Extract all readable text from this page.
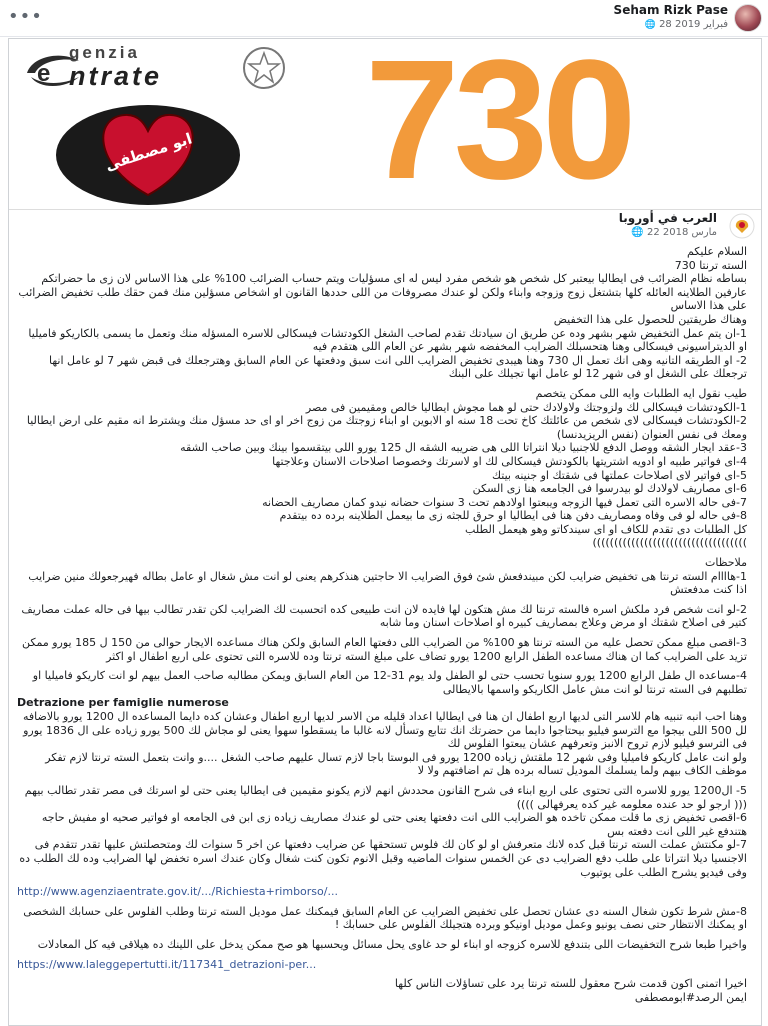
•••	Seham Rizk Pase
🌐 28 فبراير 2019
e
genzia
ntrate
ابو مصطفى 730
العرب في أوروبا
🌐 22 مارس 2018

السلام عليكم

السته ترنتا 730

بساطه نظام الضرائب فى ايطاليا بيعتبر كل شخص هو شخص مفرد ليس له اى مسؤليات ويتم حساب الضرائب 100% على هذا الاساس لان زى ما حضراتكم عارفين الطلاينه العائله كلها بتشتغل زوج وزوجه وابناء ولكن لو عندك مصروفات من اللى حددها القانون او اشخاص مسؤلين منك فمن حقك طلب تخفيض الضرائب على هذا الاساس

وهناك طريقتين للحصول على هذا التخفيض

1-ان يتم عمل التخفيض شهر بشهر وده عن طريق ان سيادتك تقدم لصاحب الشغل الكودتشات فيسكالى للاسره المسؤله منك وتعمل ما يسمى بالكاريكو فاميليا او الديتراسيونى فيسكالى وهنا هتحسبلك الضرايب المخفضه شهر بشهر عن العام اللى هتقدم فيه

2- او الطريقه التانيه وهى انك تعمل ال 730 وهنا هيبدى تخفيض الضرايب اللى انت سبق ودفعتها عن العام السابق وهترجعلك فى قبض شهر 7 لو عامل انها ترجعلك على الشغل او فى شهر 12 لو عامل انها تجيلك على البنك

طيب نقول ايه الطلبات وايه اللى ممكن يتخصم

1-الكودتشات فيسكالى لك ولزوجتك ولاولادك حتى لو هما مجوش ايطاليا خالص ومقيمين فى مصر

2-الكودتشات فيسكالى لاى شخص من عائلتك كاخ تحت 18 سنه او الابوين او ابناء زوجتك من زوج اخر او اى حد مسؤل منك ويشترط انه مقيم على ارض ايطاليا ومعك فى نفس العنوان (نفس الريزيدنسا)

3-عقد ايجار الشقه ووصل الدفع للاجنبيا ديلا انتراتا اللى هى ضريبه الشقه ال 125 يورو اللى بيتقسموا بينك وبين صاحب الشقه

4-اى فواتير طبيه او ادويه اشتريتها بالكودتش فيسكالى لك او لاسرتك وخصوصا اصلاحات الاسنان وعلاجتها

5-اى فواتير لاى اصلاحات عملتها فى شقتك او جنينه بيتك

6-اى مصاريف لاولادك لو بيدرسوا فى الجامعه هنا زى السكن

7-فى حاله الاسره التى تعمل فيها الزوجه ويبعتوا اولادهم تحت 3 سنوات حضانه نيدو كمان مصاريف الحضانه

8-فى حاله لو فى وفاه ومصاريف دفن هنا فى ايطاليا او حرق للجثه زى ما بيعمل الطلاينه برده ده بيتقدم

كل الطلبات دى تقدم للكاف او اى سيندكاتو وهو هيعمل الطلب

))))))))))))))))))))))))))))))))))))

ملاحظات

1-هاااام السته ترنتا هى تخفيض ضرايب لكن مبيندفعش شئ فوق الضرايب الا حاجتين هنذكرهم يعنى لو انت مش شغال او عامل بطاله فهيرجعولك منين ضرايب اذا كنت مدفعتش

2-لو انت شخص فرد ملكش اسره فالسته ترنتا لك مش هتكون لها فايده لان انت طبيعى كده اتحسبت لك الضرايب لكن تقدر تطالب بيها فى حاله عملت مصاريف كتير فى اصلاح شقتك او مرض وعلاج بمصاريف كبيره او اصلاحات اسنان وما شابه

3-اقصى مبلغ ممكن تحصل عليه من السته ترنتا هو 100% من الضرايب اللى دفعتها العام السابق ولكن هناك مساعده الايجار حوالى من 150 ل 185 يورو ممكن تزيد على الضرايب كما ان هناك مساعده الطفل الرابع 1200 يورو تضاف على مبلغ السته ترنتا وده للاسره التى تحتوى على اربع اطفال او اكثر

4-مساعده ال طفل الرابع 1200 يورو سنويا تحسب حتى لو الطفل ولد يوم 31-12 من العام السابق ويمكن مطالبه صاحب العمل بيهم لو انت كاريكو فاميليا او تطلبهم فى السته ترنتا لو انت مش عامل الكاريكو واسمها بالايطالى

Detrazione per famiglie numerose

وهنا احب انبه تنبيه هام للاسر التى لديها اربع اطفال ان هنا فى ايطاليا اعداد قليله من الاسر لديها اربع اطفال وعشان كده دايما المساعده ال 1200 يورو بالاضافه لل 500 اللى بيجوا مع الترسو فيليو بيحتاجوا دايما من حضرتك انك تتابع وتسأل لانه غالبا ما يسقطوا سهوا يعنى لو مجاش لك 500 يورو زياده على ال 1836 يورو فى الترسو فيليو لازم تروح الانبز وتعرفهم عشان يبعتوا الفلوس لك

ولو انت عامل كاريكو فاميليا وفى شهر 12 ملقتش زياده 1200 يورو فى البوستا باجا لازم تسال عليهم صاحب الشغل ....و وانت بتعمل السته ترنتا لازم تفكر موظف الكاف بيهم ولما يسلمك الموديل تساله برده هل تم اضافتهم ولا لا

5- ال1200 يورو للاسره التى تحتوى على اربع ابناء فى شرح القانون محددش انهم لازم يكونو مقيمين فى ايطاليا يعنى حتى لو اسرتك فى مصر تقدر تطالب بيهم ((( ارجو لو حد عنده معلومه غير كده يعرفهالى ))))

6-اقصى تخفيض زى ما قلت ممكن تاخده هو الضرايب اللى انت دفعتها يعنى حتى لو عندك مصاريف زياده زى ابن فى الجامعه او فواتير صحيه او مفيش حاجه هتندفع غير اللى انت دفعته بس

7-لو مكنتش عملت السته ترنتا قبل كده لانك متعرفش او لو كان لك فلوس تستحقها عن ضرايب دفعتها عن اخر 5 سنوات لك ومتحصلتش عليها تقدر تتقدم فى الاجنسيا ديلا انتراتا على طلب دفع الضرايب دى عن الخمس سنوات الماضيه وقبل الانوم تكون كنت شغال وكان عندك اسره تخفض لها الضرايب وده لك الطلب ده وفى فيديو يشرح الطلب على يوتيوب

http://www.agenziaentrate.gov.it/.../Richiesta+rimborso/...

8-مش شرط تكون شغال السنه دى عشان تحصل على تخفيض الضرايب عن العام السابق فيمكنك عمل موديل السته ترنتا وطلب الفلوس على حسابك الشخصى او يمكنك الانتظار حتى نصف يونيو وعمل موديل اونيكو وبرده هتجيلك الفلوس على حسابك !

واخيرا طبعا شرح التخفيضات اللى بتندفع للاسره كزوجه او ابناء لو حد غاوى يحل مسائل ويحسبها هو صح ممكن يدخل على اللينك ده هيلاقى فيه كل المعادلات

https://www.laleggepertutti.it/117341_detrazioni-per...

اخيرا اتمنى اكون قدمت شرح معقول للسته ترنتا يرد على تساؤلات الناس كلها

ايمن الرصد#ابومصطفى
